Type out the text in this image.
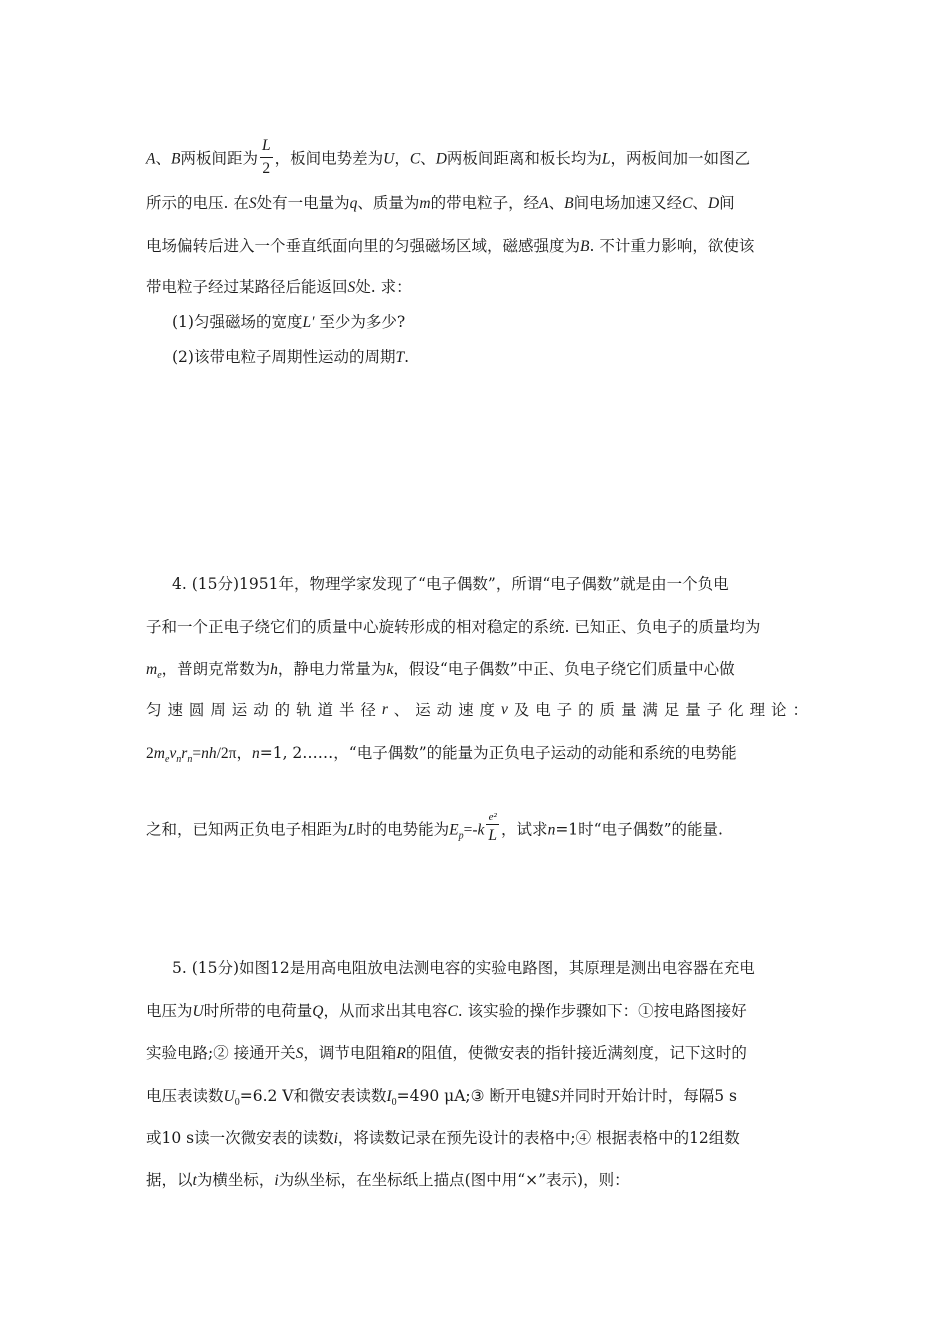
A、B两板间距为 $\frac{L}{2}$ ，板间电势差为U，C、D两板间距离和板长均为L，两板间加一如图乙
所示的电压. 在S处有一电量为q、质量为m的带电粒子，经A、B间电场加速又经C、D间
电场偏转后进入一个垂直纸面向里的匀强磁场区域，磁感强度为B. 不计重力影响，欲使该
带电粒子经过某路径后能返回S处. 求：
(1)匀强磁场的宽度L′ 至少为多少?
(2)该带电粒子周期性运动的周期T.
4. (15分)1951年，物理学家发现了“电子偶数”，所谓“电子偶数”就是由一个负电
子和一个正电子绕它们的质量中心旋转形成的相对稳定的系统. 已知正、负电子的质量均为
$m_e$，普朗克常数为h，静电力常量为k，假设“电子偶数”中正、负电子绕它们质量中心做
匀 速 圆 周 运 动 的 轨 道 半 径 r 、 运 动 速 度 v 及 电 子 的 质 量 满 足 量 子 化 理 论 ：
$2m_ev_nr_n=nh/2\pi$，n=1, 2……，“电子偶数”的能量为正负电子运动的动能和系统的电势能
之和，已知两正负电子相距为L时的电势能为$E_p=-k \frac{\text{e²}}{L}$ ，试求n=1时“电子偶数”的能量.
5. (15分)如图12是用高电阻放电法测电容的实验电路图，其原理是测出电容器在充电
电压为U时所带的电荷量Q，从而求出其电容C. 该实验的操作步骤如下：①按电路图接好
实验电路;② 接通开关S，调节电阻箱R的阻值，使微安表的指针接近满刻度，记下这时的
电压表读数$U_0=6.2$ V和微安表读数$I_0=490$ μA;③ 断开电键S并同时开始计时，每隔5 s
或10 s读一次微安表的读数i，将读数记录在预先设计的表格中;④ 根据表格中的12组数
据，以t为横坐标，i为纵坐标，在坐标纸上描点(图中用“×”表示)，则：
